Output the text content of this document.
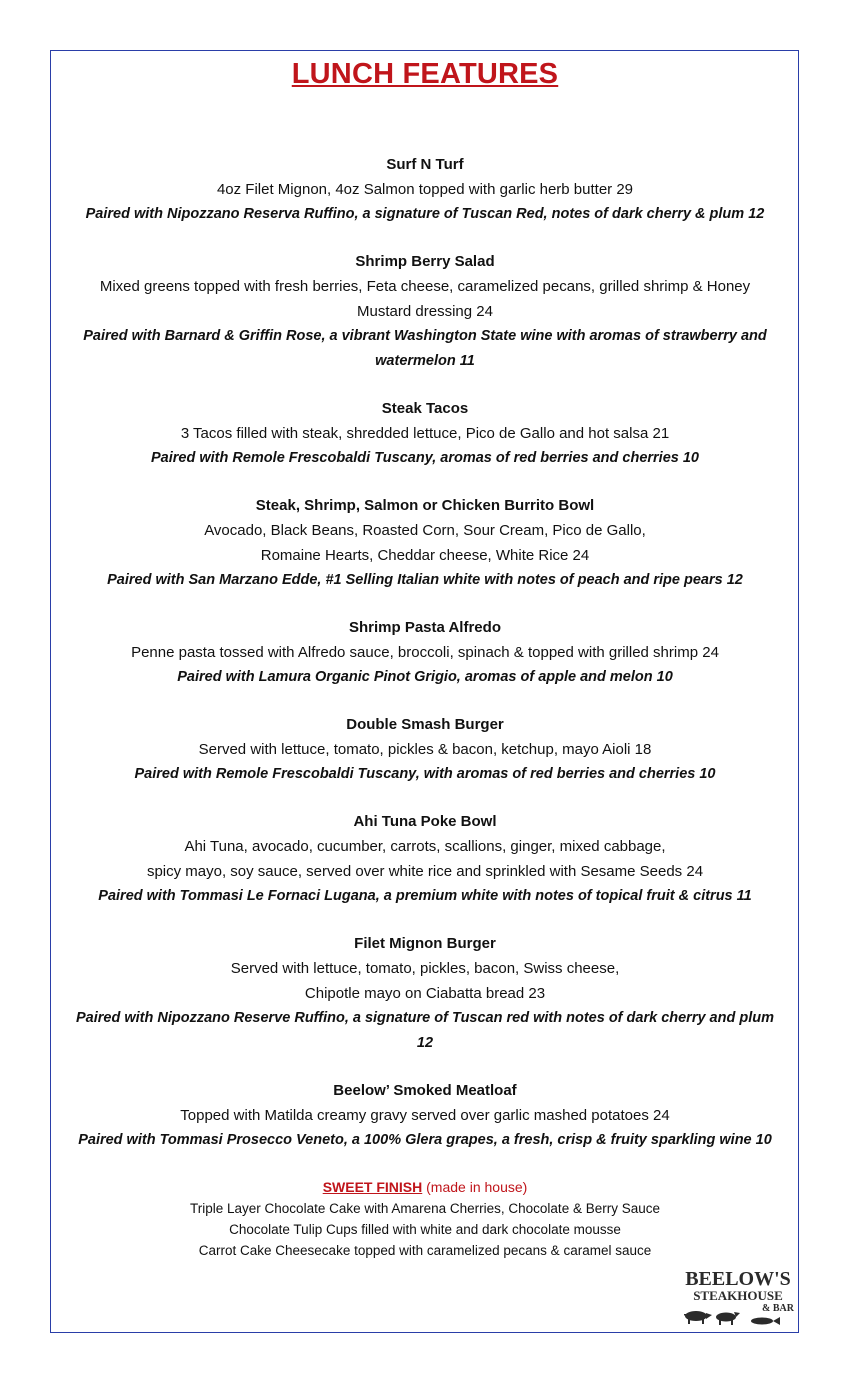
LUNCH FEATURES
Surf N Turf
4oz Filet Mignon, 4oz Salmon topped with garlic herb butter 29
Paired with Nipozzano Reserva Ruffino, a signature of Tuscan Red, notes of dark cherry & plum 12
Shrimp Berry Salad
Mixed greens topped with fresh berries, Feta cheese, caramelized pecans, grilled shrimp & Honey
Mustard dressing 24
Paired with Barnard & Griffin Rose, a vibrant Washington State wine with aromas of strawberry and
watermelon 11
Steak Tacos
3 Tacos filled with steak, shredded lettuce, Pico de Gallo and hot salsa 21
Paired with Remole Frescobaldi Tuscany, aromas of red berries and cherries 10
Steak, Shrimp, Salmon or Chicken Burrito Bowl
Avocado, Black Beans, Roasted Corn, Sour Cream, Pico de Gallo,
Romaine Hearts, Cheddar cheese, White Rice 24
Paired with San Marzano Edde, #1 Selling Italian white with notes of peach and ripe pears 12
Shrimp Pasta Alfredo
Penne pasta tossed with Alfredo sauce, broccoli, spinach & topped with grilled shrimp 24
Paired with Lamura Organic Pinot Grigio, aromas of apple and melon 10
Double Smash Burger
Served with lettuce, tomato, pickles & bacon, ketchup, mayo Aioli 18
Paired with Remole Frescobaldi Tuscany, with aromas of red berries and cherries 10
Ahi Tuna Poke Bowl
Ahi Tuna, avocado, cucumber, carrots, scallions, ginger, mixed cabbage,
spicy mayo, soy sauce, served over white rice and sprinkled with Sesame Seeds 24
Paired with Tommasi Le Fornaci Lugana, a premium white with notes of topical fruit & citrus 11
Filet Mignon Burger
Served with lettuce, tomato, pickles, bacon, Swiss cheese,
Chipotle mayo on Ciabatta bread 23
Paired with Nipozzano Reserve Ruffino, a signature of Tuscan red with notes of dark cherry and plum
12
Beelow’ Smoked Meatloaf
Topped with Matilda creamy gravy served over garlic mashed potatoes 24
Paired with Tommasi Prosecco Veneto, a 100% Glera grapes, a fresh, crisp & fruity sparkling wine 10
SWEET FINISH (made in house)
Triple Layer Chocolate Cake with Amarena Cherries, Chocolate & Berry Sauce
Chocolate Tulip Cups filled with white and dark chocolate mousse
Carrot Cake Cheesecake topped with caramelized pecans & caramel sauce
BEELOW'S
STEAKHOUSE
& BAR
